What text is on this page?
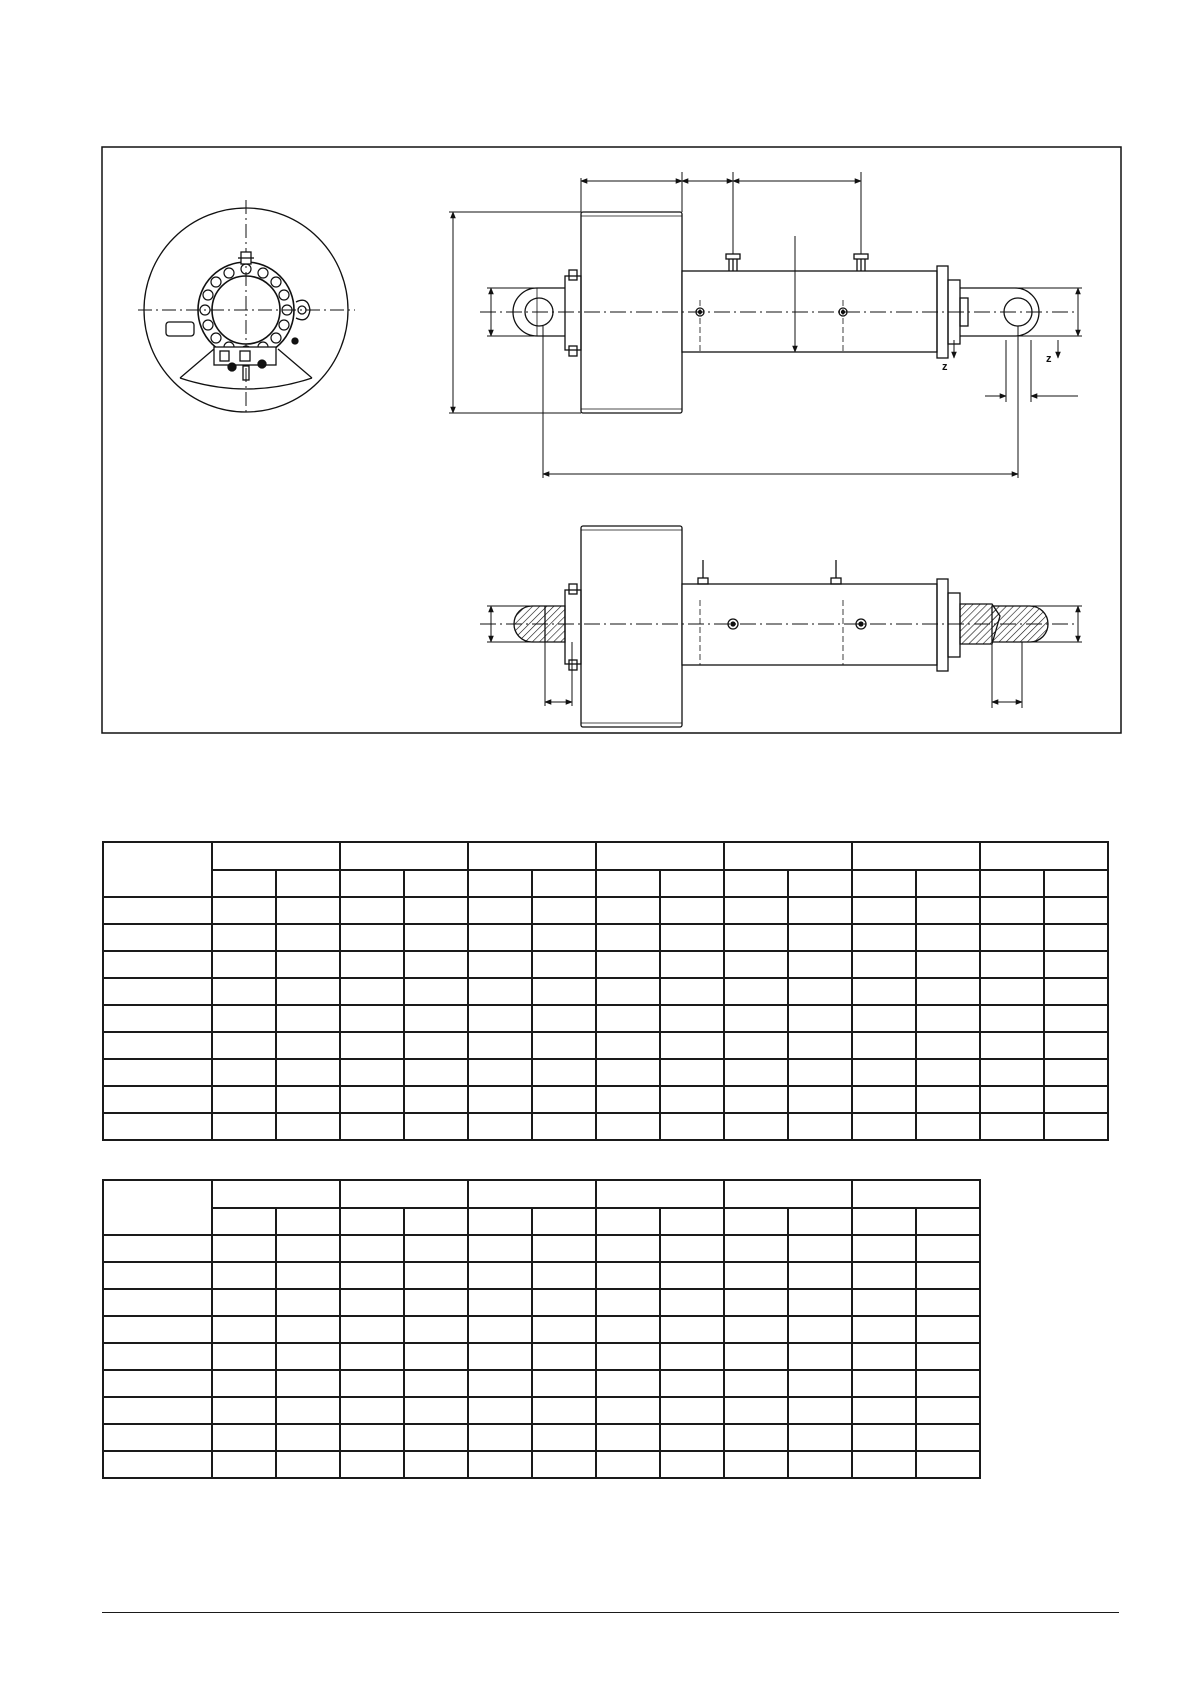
z
z
